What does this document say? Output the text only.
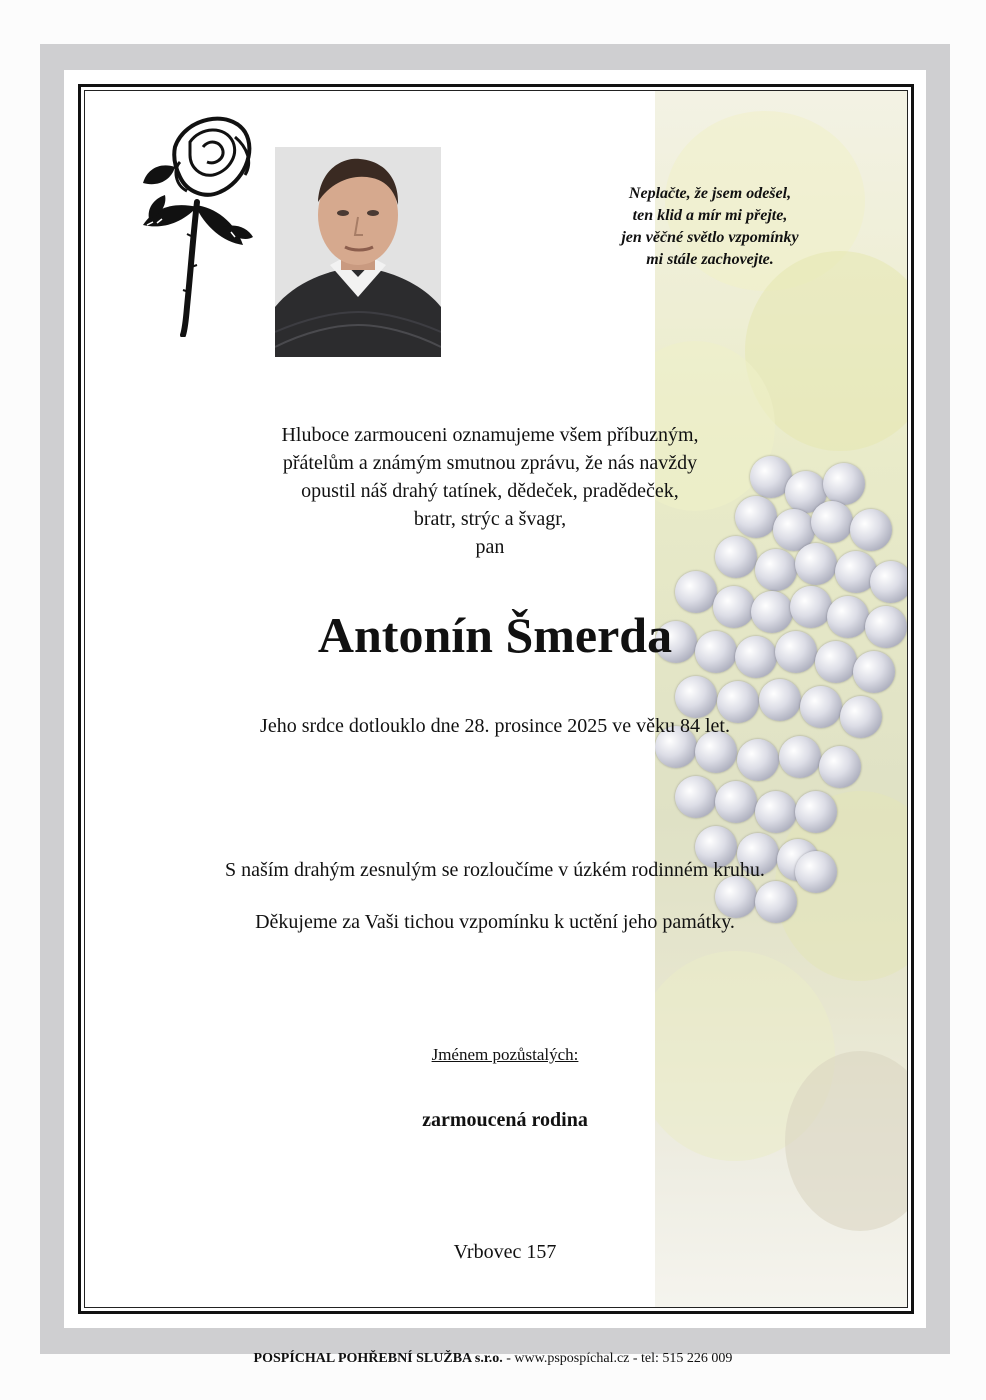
Neplačte, že jsem odešel,
ten klid a mír mi přejte,
jen věčné světlo vzpomínky
mi stále zachovejte.
Hluboce zarmouceni oznamujeme všem příbuzným,
přátelům a známým smutnou zprávu, že nás navždy
opustil náš drahý tatínek, dědeček, pradědeček,
bratr, strýc a švagr,
pan
Antonín Šmerda
Jeho srdce dotlouklo dne 28. prosince 2025 ve věku 84 let.
S naším drahým zesnulým se rozloučíme v úzkém rodinném kruhu.
Děkujeme za Vaši tichou vzpomínku k uctění jeho památky.
Jménem pozůstalých:
zarmoucená rodina
Vrbovec 157
POSPÍCHAL POHŘEBNÍ SLUŽBA s.r.o. - www.pspospíchal.cz - tel: 515 226 009
